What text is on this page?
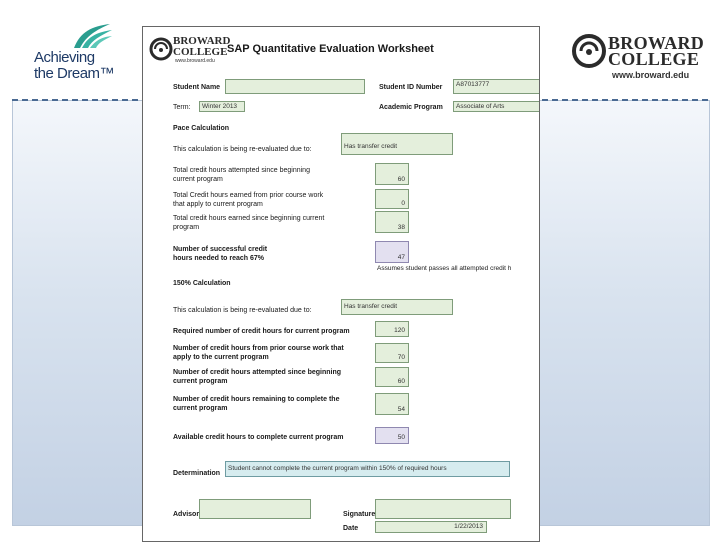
Achieving
the Dream™
BROWARD
COLLEGE
www.broward.edu
BROWARD
COLLEGE
www.broward.edu
SAP Quantitative Evaluation Worksheet
Student Name	Student ID Number	A87013777
Term:	Winter 2013	Academic Program	Associate of Arts
Pace Calculation
This calculation is being re-evaluated due to:	Has transfer credit
Total credit hours attempted since beginning
current program	60
Total Credit hours earned from prior course work
that apply to current program	0
Total credit hours earned since beginning current
program	38
Number of successful credit
hours needed to reach 67%	47
Assumes student passes all attempted credit h
150% Calculation
This calculation is being re-evaluated due to:
Has transfer credit
Required number of credit hours for current program	120
Number of credit hours from prior course work that
apply to the current program	70
Number of credit hours attempted since beginning
current program	60
Number of credit hours remaining to complete the
current program	54
Available credit hours to complete current program	50
Determination
Student cannot complete the current program within 150% of required hours
Advisor	Signature
Date	1/22/2013
